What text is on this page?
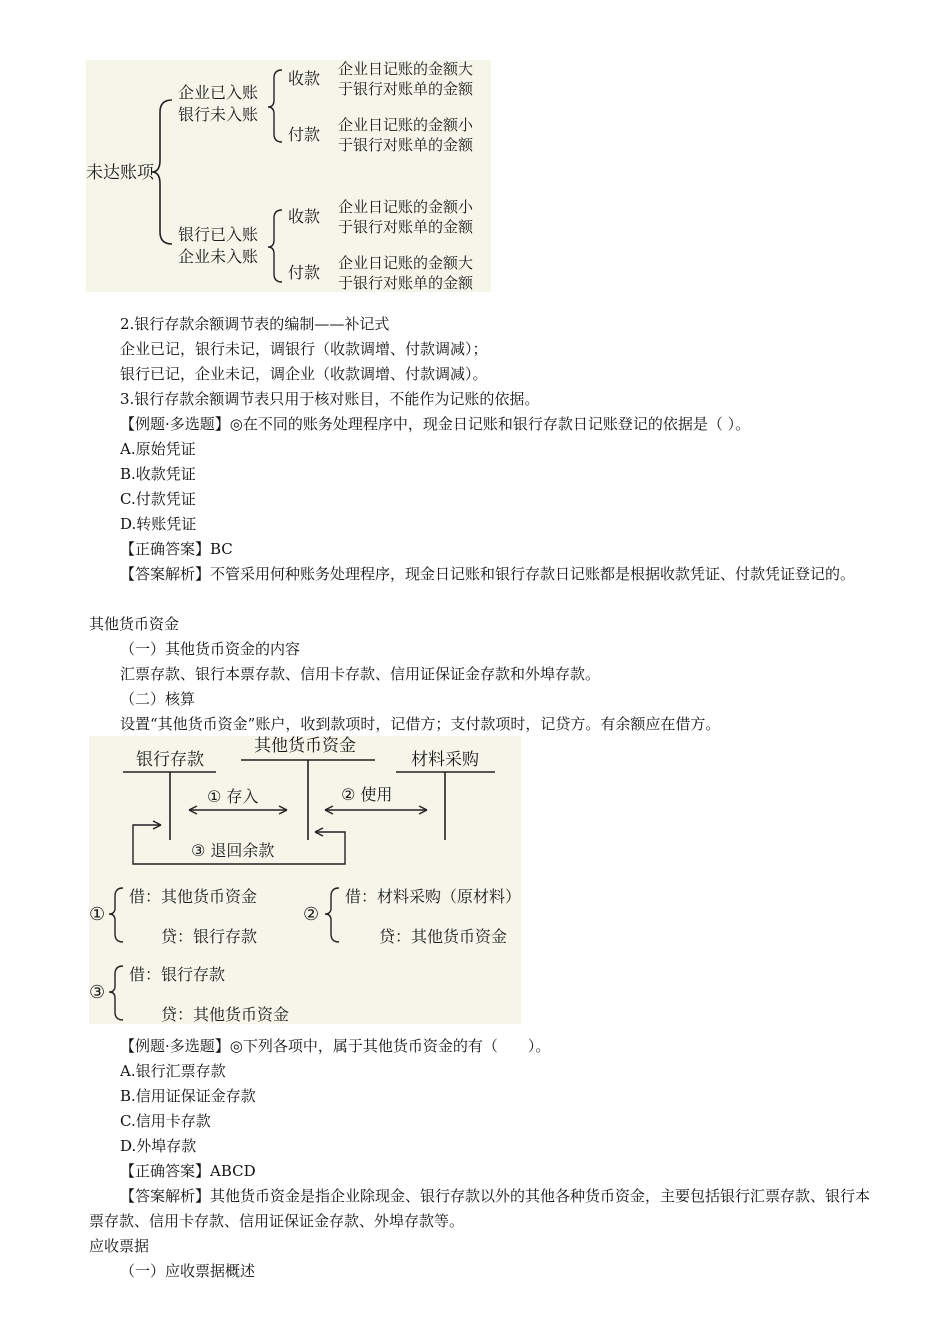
未达账项
企业已入账
银行未入账
银行已入账
企业未入账
收款
付款
收款
付款
企业日记账的金额大
于银行对账单的金额
企业日记账的金额小
于银行对账单的金额
企业日记账的金额小
于银行对账单的金额
企业日记账的金额大
于银行对账单的金额
2.银行存款余额调节表的编制——补记式
企业已记，银行未记，调银行（收款调增、付款调减）；
银行已记，企业未记，调企业（收款调增、付款调减）。
3.银行存款余额调节表只用于核对账目，不能作为记账的依据。
【例题·多选题】◎在不同的账务处理程序中，现金日记账和银行存款日记账登记的依据是（ ）。
A.原始凭证
B.收款凭证
C.付款凭证
D.转账凭证
【正确答案】BC
【答案解析】不管采用何种账务处理程序，现金日记账和银行存款日记账都是根据收款凭证、付款凭证登记的。
其他货币资金
（一）其他货币资金的内容
汇票存款、银行本票存款、信用卡存款、信用证保证金存款和外埠存款。
（二）核算
设置“其他货币资金”账户，收到款项时，记借方；支付款项时，记贷方。有余额应在借方。
银行存款
其他货币资金
材料采购
① 存入	② 使用
③ 退回余款
①
借：其他货币资金
贷：银行存款
②
借：材料采购（原材料）
贷：其他货币资金
③
借：银行存款
贷：其他货币资金
【例题·多选题】◎下列各项中，属于其他货币资金的有（　　）。
A.银行汇票存款
B.信用证保证金存款
C.信用卡存款
D.外埠存款
【正确答案】ABCD
【答案解析】其他货币资金是指企业除现金、银行存款以外的其他各种货币资金，主要包括银行汇票存款、银行本票存款、信用卡存款、信用证保证金存款、外埠存款等。
应收票据
（一）应收票据概述
